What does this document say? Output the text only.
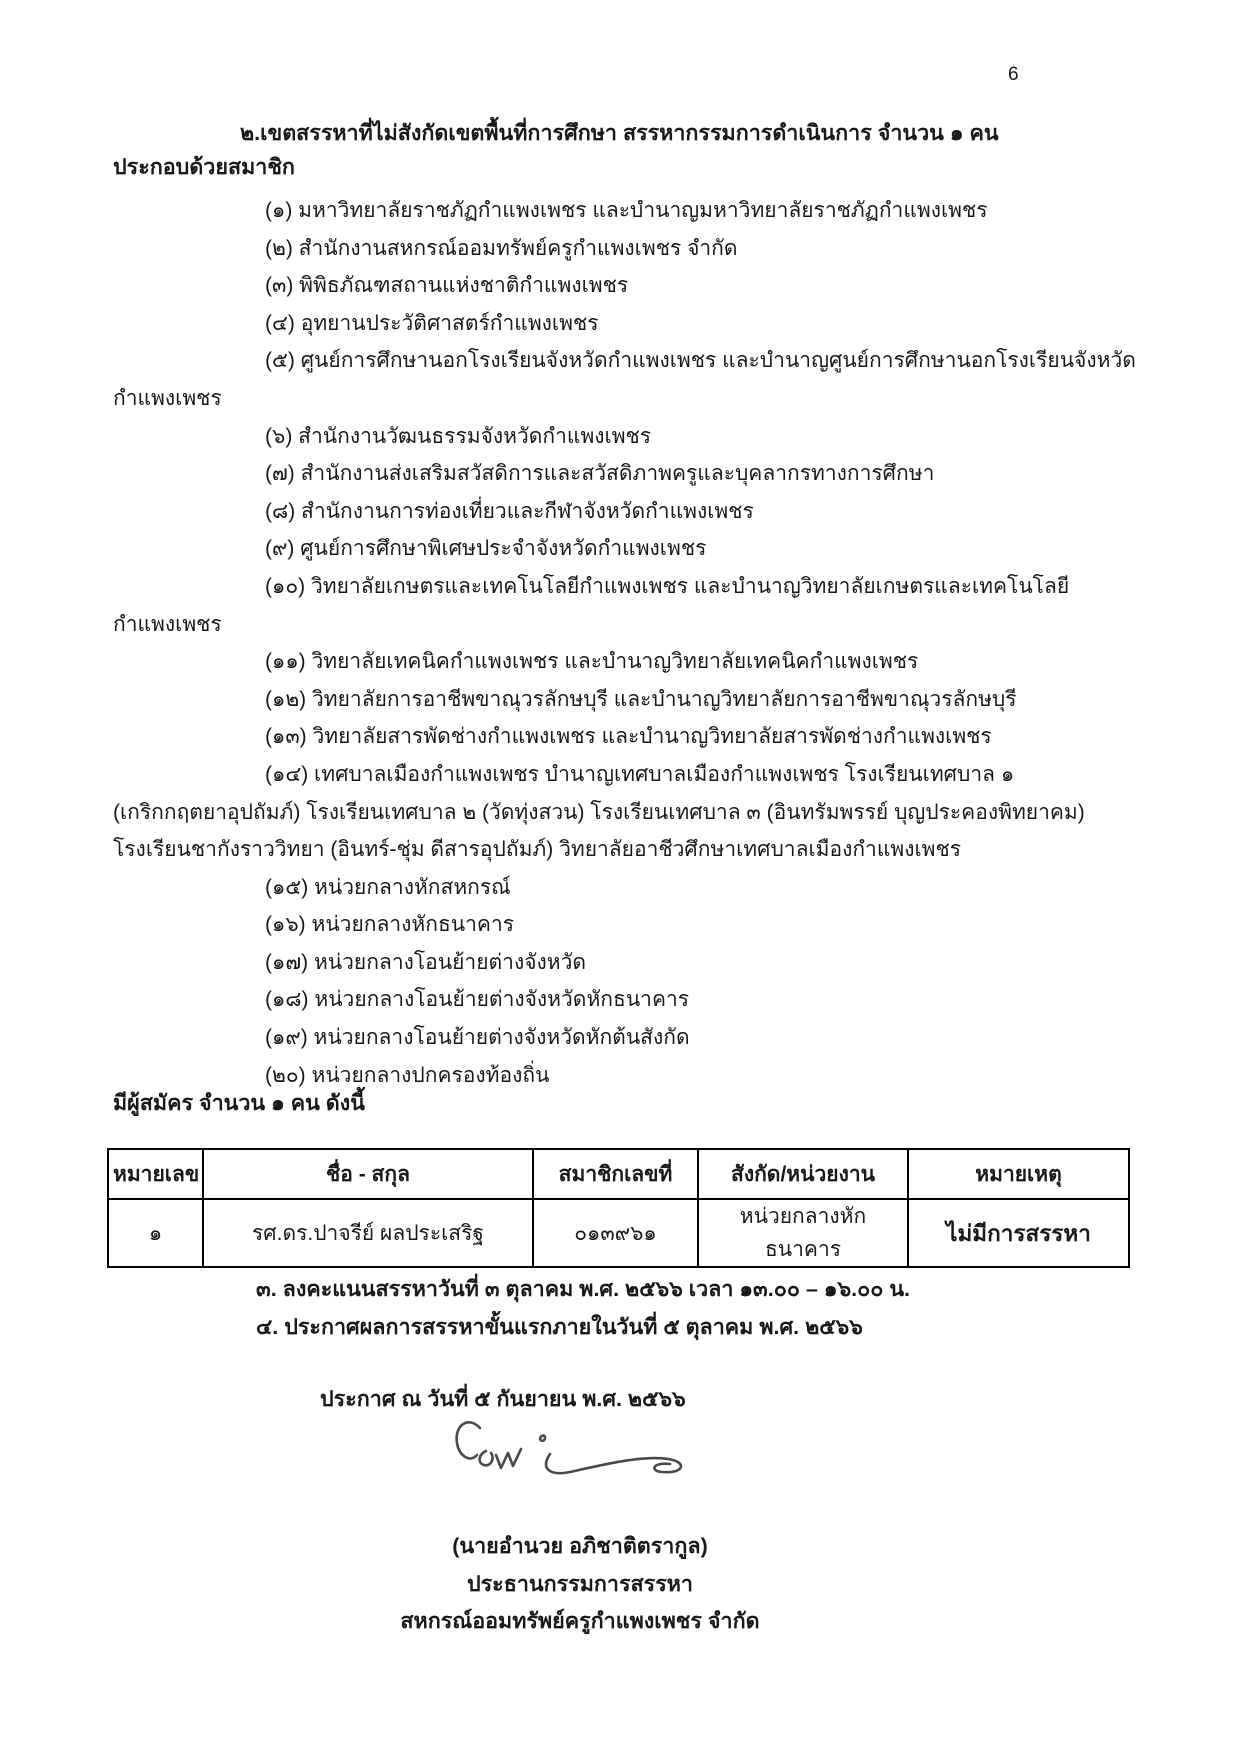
6
๒.เขตสรรหาที่ไม่สังกัดเขตพื้นที่การศึกษา สรรหากรรมการดำเนินการ จำนวน ๑ คน
ประกอบด้วยสมาชิก
(๑) มหาวิทยาลัยราชภัฏกำแพงเพชร และบำนาญมหาวิทยาลัยราชภัฏกำแพงเพชร
(๒) สำนักงานสหกรณ์ออมทรัพย์ครูกำแพงเพชร จำกัด
(๓) พิพิธภัณฑสถานแห่งชาติกำแพงเพชร
(๔) อุทยานประวัติศาสตร์กำแพงเพชร
(๕) ศูนย์การศึกษานอกโรงเรียนจังหวัดกำแพงเพชร และบำนาญศูนย์การศึกษานอกโรงเรียนจังหวัด
กำแพงเพชร
(๖) สำนักงานวัฒนธรรมจังหวัดกำแพงเพชร
(๗) สำนักงานส่งเสริมสวัสดิการและสวัสดิภาพครูและบุคลากรทางการศึกษา
(๘) สำนักงานการท่องเที่ยวและกีฬาจังหวัดกำแพงเพชร
(๙) ศูนย์การศึกษาพิเศษประจำจังหวัดกำแพงเพชร
(๑๐) วิทยาลัยเกษตรและเทคโนโลยีกำแพงเพชร และบำนาญวิทยาลัยเกษตรและเทคโนโลยี
กำแพงเพชร
(๑๑) วิทยาลัยเทคนิคกำแพงเพชร และบำนาญวิทยาลัยเทคนิคกำแพงเพชร
(๑๒) วิทยาลัยการอาชีพขาณุวรลักษบุรี และบำนาญวิทยาลัยการอาชีพขาณุวรลักษบุรี
(๑๓) วิทยาลัยสารพัดช่างกำแพงเพชร และบำนาญวิทยาลัยสารพัดช่างกำแพงเพชร
(๑๔) เทศบาลเมืองกำแพงเพชร บำนาญเทศบาลเมืองกำแพงเพชร โรงเรียนเทศบาล ๑
(เกริกกฤตยาอุปถัมภ์) โรงเรียนเทศบาล ๒ (วัดทุ่งสวน) โรงเรียนเทศบาล ๓ (อินทรัมพรรย์ บุญประคองพิทยาคม)
โรงเรียนชากังราววิทยา (อินทร์-ชุ่ม ดีสารอุปถัมภ์) วิทยาลัยอาชีวศึกษาเทศบาลเมืองกำแพงเพชร
(๑๕) หน่วยกลางหักสหกรณ์
(๑๖) หน่วยกลางหักธนาคาร
(๑๗) หน่วยกลางโอนย้ายต่างจังหวัด
(๑๘) หน่วยกลางโอนย้ายต่างจังหวัดหักธนาคาร
(๑๙) หน่วยกลางโอนย้ายต่างจังหวัดหักต้นสังกัด
(๒๐) หน่วยกลางปกครองท้องถิ่น
มีผู้สมัคร จำนวน ๑ คน ดังนี้
หมายเลข	ชื่อ - สกุล	สมาชิกเลขที่	สังกัด/หน่วยงาน	หมายเหตุ
๑	รศ.ดร.ปาจรีย์ ผลประเสริฐ	๐๑๓๙๖๑	หน่วยกลางหักธนาคาร	ไม่มีการสรรหา
๓. ลงคะแนนสรรหาวันที่ ๓ ตุลาคม พ.ศ. ๒๕๖๖ เวลา ๑๓.๐๐ – ๑๖.๐๐ น.
๔. ประกาศผลการสรรหาขั้นแรกภายในวันที่ ๕ ตุลาคม พ.ศ. ๒๕๖๖
ประกาศ ณ วันที่ ๕ กันยายน พ.ศ. ๒๕๖๖
(นายอำนวย อภิชาติตรากูล)
ประธานกรรมการสรรหา
สหกรณ์ออมทรัพย์ครูกำแพงเพชร จำกัด
